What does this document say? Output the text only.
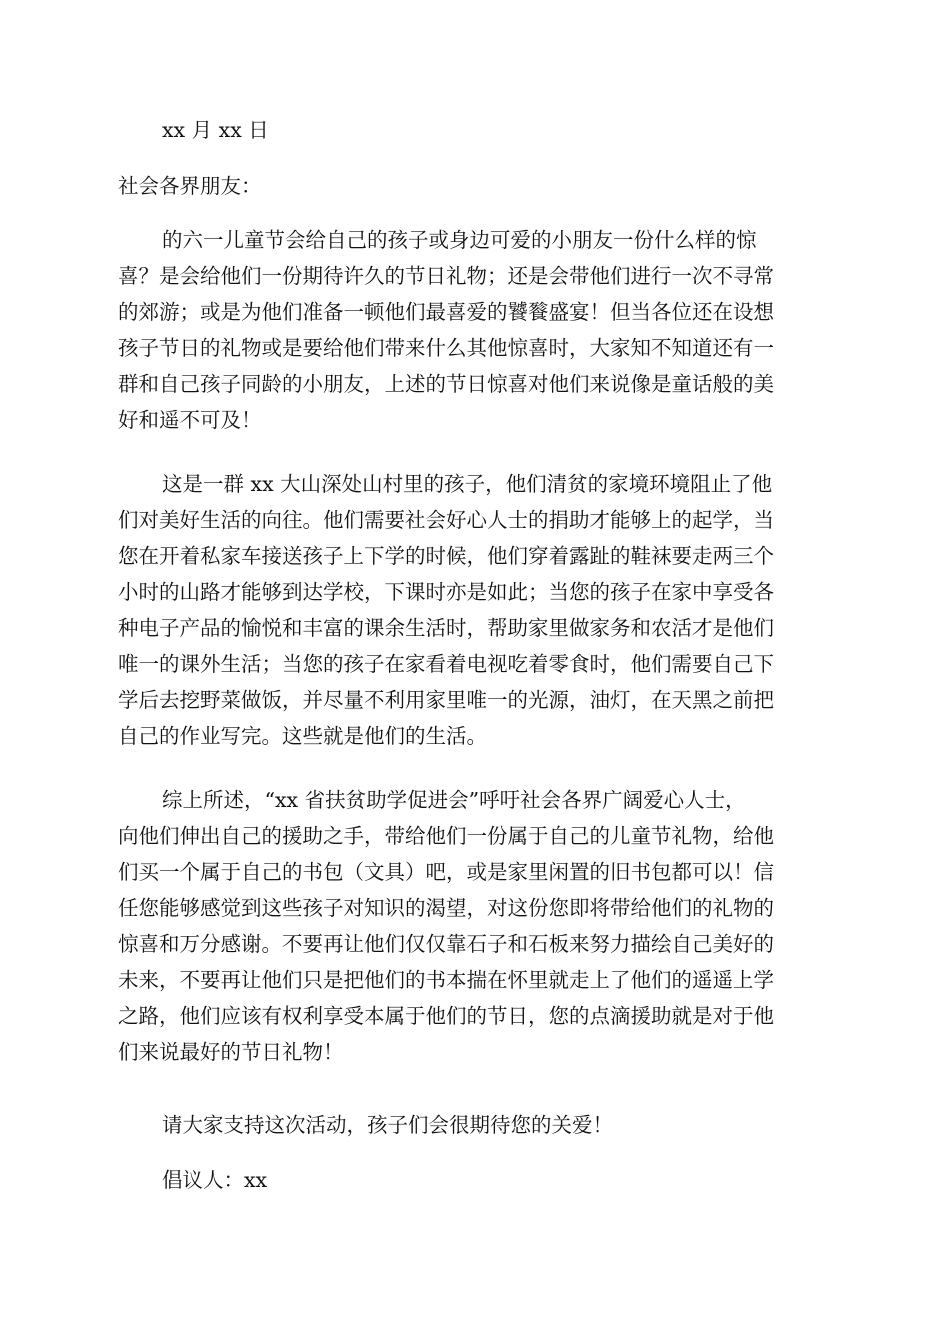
xx 月 xx 日
社会各界朋友：
的六一儿童节会给自己的孩子或身边可爱的小朋友一份什么样的惊
喜？是会给他们一份期待许久的节日礼物；还是会带他们进行一次不寻常
的郊游；或是为他们准备一顿他们最喜爱的饕餮盛宴！但当各位还在设想
孩子节日的礼物或是要给他们带来什么其他惊喜时，大家知不知道还有一
群和自己孩子同龄的小朋友，上述的节日惊喜对他们来说像是童话般的美
好和遥不可及！
这是一群 xx 大山深处山村里的孩子，他们清贫的家境环境阻止了他
们对美好生活的向往。他们需要社会好心人士的捐助才能够上的起学，当
您在开着私家车接送孩子上下学的时候，他们穿着露趾的鞋袜要走两三个
小时的山路才能够到达学校，下课时亦是如此；当您的孩子在家中享受各
种电子产品的愉悦和丰富的课余生活时，帮助家里做家务和农活才是他们
唯一的课外生活；当您的孩子在家看着电视吃着零食时，他们需要自己下
学后去挖野菜做饭，并尽量不利用家里唯一的光源，油灯，在天黑之前把
自己的作业写完。这些就是他们的生活。
综上所述，“xx 省扶贫助学促进会”呼吁社会各界广阔爱心人士，
向他们伸出自己的援助之手，带给他们一份属于自己的儿童节礼物，给他
们买一个属于自己的书包（文具）吧，或是家里闲置的旧书包都可以！信
任您能够感觉到这些孩子对知识的渴望，对这份您即将带给他们的礼物的
惊喜和万分感谢。不要再让他们仅仅靠石子和石板来努力描绘自己美好的
未来，不要再让他们只是把他们的书本揣在怀里就走上了他们的遥遥上学
之路，他们应该有权利享受本属于他们的节日，您的点滴援助就是对于他
们来说最好的节日礼物！
请大家支持这次活动，孩子们会很期待您的关爱！
倡议人：xx
